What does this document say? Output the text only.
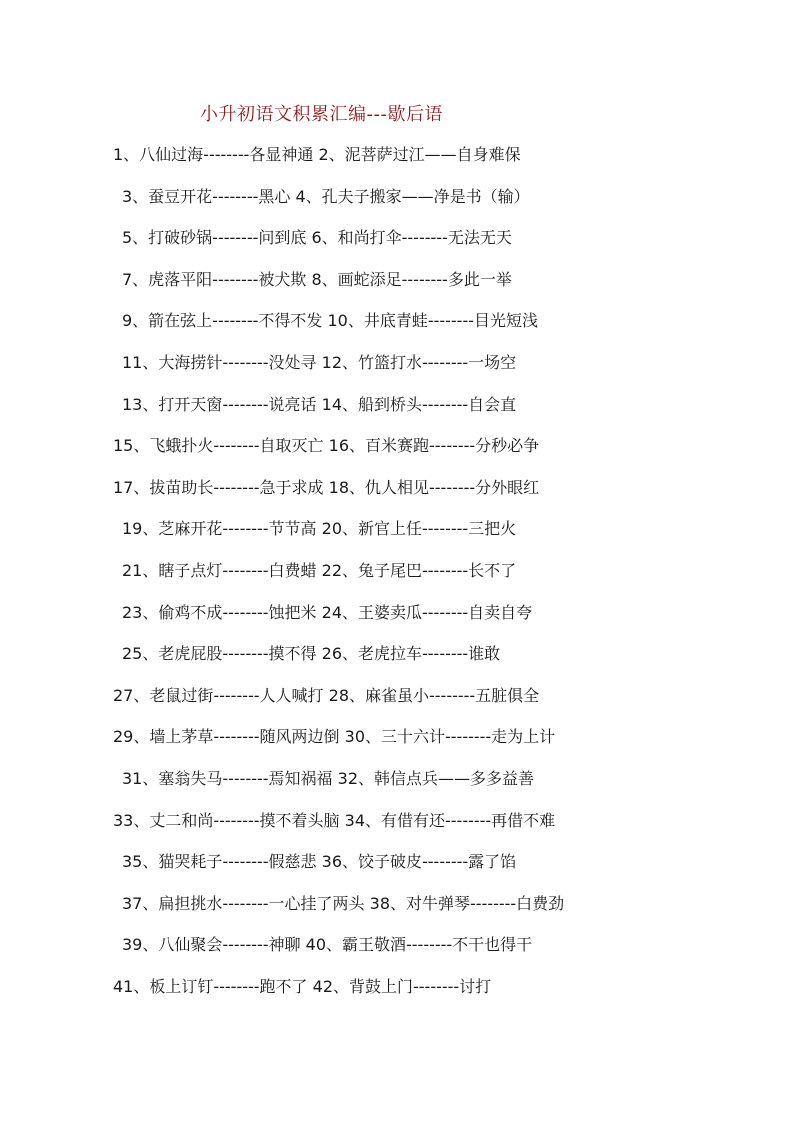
小升初语文积累汇编---歇后语
1、八仙过海--------各显神通 2、泥菩萨过江——自身难保
3、蚕豆开花--------黑心 4、孔夫子搬家——净是书（输）
5、打破砂锅--------问到底 6、和尚打伞--------无法无天
7、虎落平阳--------被犬欺 8、画蛇添足--------多此一举
9、箭在弦上--------不得不发 10、井底青蛙--------目光短浅
11、大海捞针--------没处寻 12、竹篮打水--------一场空
13、打开天窗--------说亮话 14、船到桥头--------自会直
15、飞蛾扑火--------自取灭亡 16、百米赛跑--------分秒必争
17、拔苗助长--------急于求成 18、仇人相见--------分外眼红
19、芝麻开花--------节节高 20、新官上任--------三把火
21、瞎子点灯--------白费蜡 22、兔子尾巴--------长不了
23、偷鸡不成--------蚀把米 24、王婆卖瓜--------自卖自夸
25、老虎屁股--------摸不得 26、老虎拉车--------谁敢
27、老鼠过街--------人人喊打 28、麻雀虽小--------五脏俱全
29、墙上茅草--------随风两边倒 30、三十六计--------走为上计
31、塞翁失马--------焉知祸福 32、韩信点兵——多多益善
33、丈二和尚--------摸不着头脑 34、有借有还--------再借不难
35、猫哭耗子--------假慈悲 36、饺子破皮--------露了馅
37、扁担挑水--------一心挂了两头 38、对牛弹琴--------白费劲
39、八仙聚会--------神聊 40、霸王敬酒--------不干也得干
41、板上订钉--------跑不了 42、背鼓上门--------讨打
